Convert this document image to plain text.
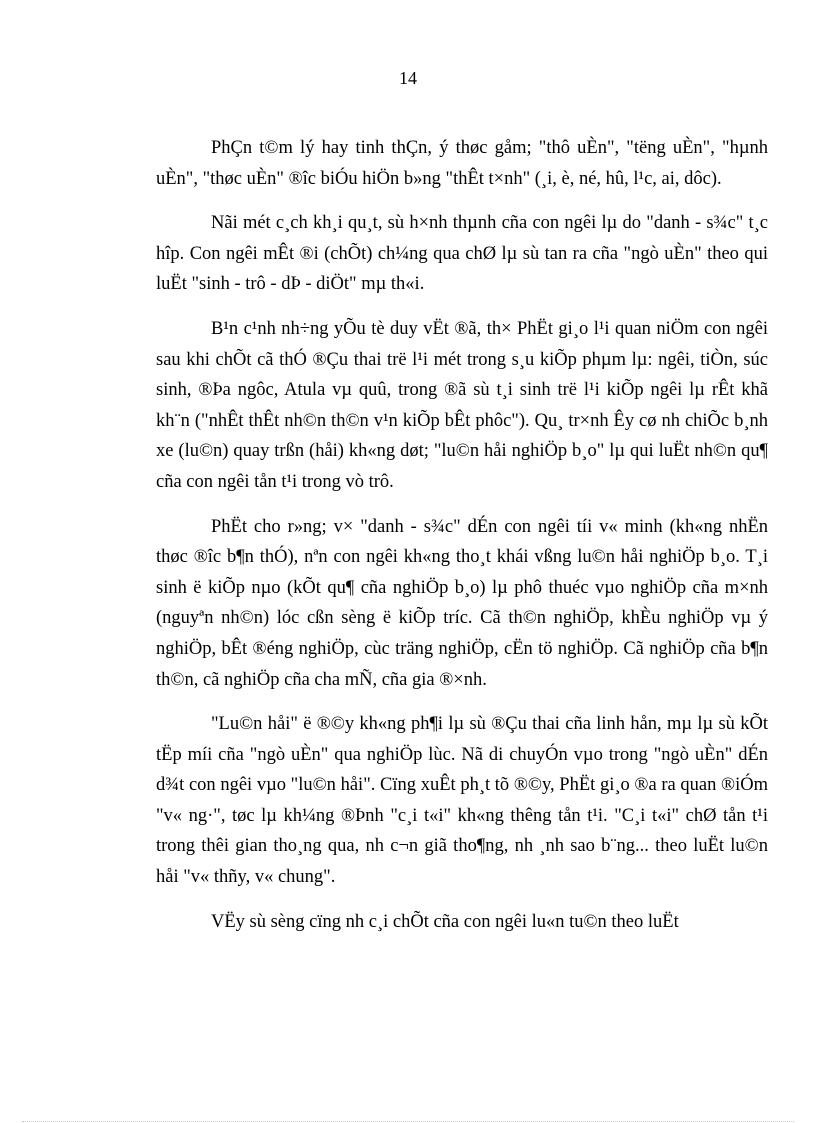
14

PhÇn t©m lý hay tinh thÇn, ý thøc gåm; "thô uÈn", "tëng uÈn", "hµnh uÈn", "thøc uÈn" ®îc biÓu hiÖn b»ng "thÊt t×nh" (¸i, è, né, hû, l¹c, ai, dôc).

Nãi mét c¸ch kh¸i qu¸t, sù h×nh thµnh cña con ngêi lµ do "danh - s¾c" t¸c hîp. Con ngêi mÊt ®i (chÕt) ch¼ng qua chØ lµ sù tan ra cña "ngò uÈn" theo qui luËt "sinh - trô - dÞ - diÖt" mµ th«i.

B¹n c¹nh nh÷ng yÕu tè duy vËt ®ã, th× PhËt gi¸o l¹i quan niÖm con ngêi sau khi chÕt cã thÓ ®Çu thai trë l¹i mét trong s¸u kiÕp phµm lµ: ngêi, tiÒn, súc sinh, ®Þa ngôc, Atula vµ quû, trong ®ã sù t¸i sinh trë l¹i kiÕp ngêi lµ rÊt khã kh¨n ("nhÊt thÊt nh©n th©n v¹n kiÕp bÊt phôc"). Qu¸ tr×nh Êy cø nh chiÕc b¸nh xe (lu©n) quay trßn (håi) kh«ng døt; "lu©n håi nghiÖp b¸o" lµ qui luËt nh©n qu¶ cña con ngêi tån t¹i trong vò trô.

PhËt cho r»ng; v× "danh - s¾c" dÉn con ngêi tíi v« minh (kh«ng nhËn thøc ®îc b¶n thÓ), nªn con ngêi kh«ng tho¸t khái vßng lu©n håi nghiÖp b¸o. T¸i sinh ë kiÕp nµo (kÕt qu¶ cña nghiÖp b¸o) lµ phô thuéc vµo nghiÖp cña m×nh (nguyªn nh©n) lóc cßn sèng ë kiÕp tríc. Cã th©n nghiÖp, khÈu nghiÖp vµ ý nghiÖp, bÊt ®éng nghiÖp, cùc träng nghiÖp, cËn tö nghiÖp. Cã nghiÖp cña b¶n th©n, cã nghiÖp cña cha mÑ, cña gia ®×nh.

"Lu©n håi" ë ®©y kh«ng ph¶i lµ sù ®Çu thai cña linh hån, mµ lµ sù kÕt tËp míi cña "ngò uÈn" qua nghiÖp lùc. Nã di chuyÓn vµo trong "ngò uÈn" dÉn d¾t con ngêi vµo "lu©n håi". Cïng xuÊt ph¸t tõ ®©y, PhËt gi¸o ®a ra quan ®iÓm "v« ng·", tøc lµ kh¼ng ®Þnh "c¸i t«i" kh«ng thêng tån t¹i. "C¸i t«i" chØ tån t¹i trong thêi gian tho¸ng qua, nh c¬n giã tho¶ng, nh ¸nh sao b¨ng... theo luËt lu©n håi "v« thñy, v« chung".

VËy sù sèng cïng nh c¸i chÕt cña con ngêi lu«n tu©n theo luËt
